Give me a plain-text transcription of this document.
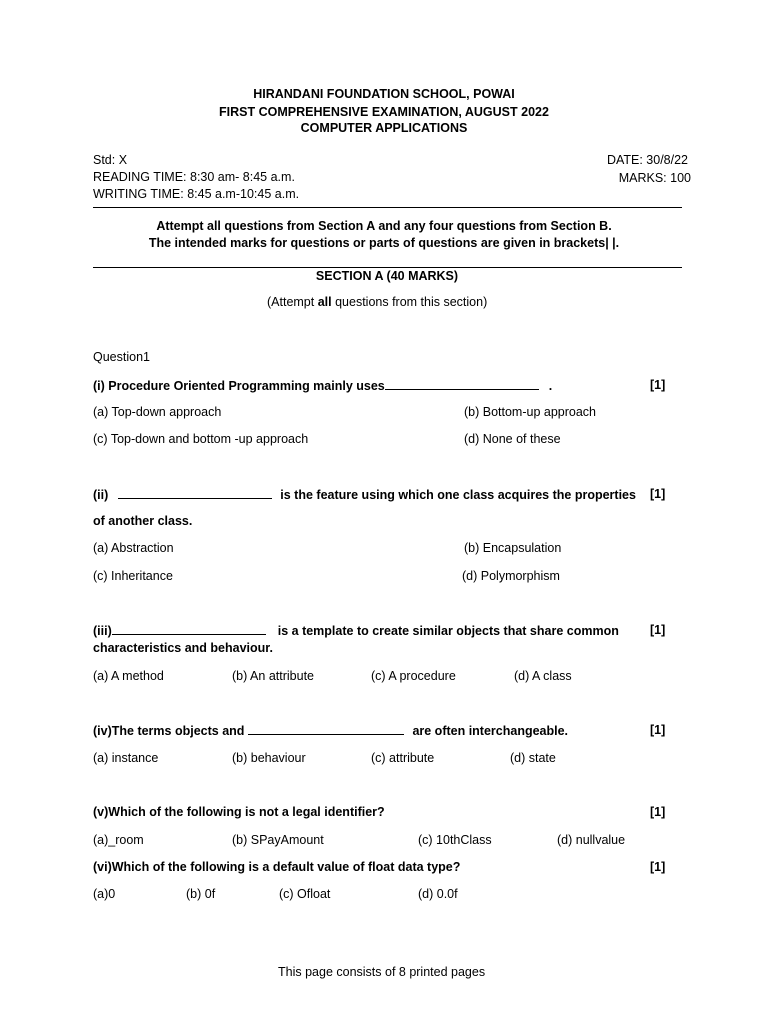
HIRANDANI FOUNDATION SCHOOL, POWAI
FIRST COMPREHENSIVE EXAMINATION, AUGUST 2022
COMPUTER APPLICATIONS
Std: X
READING TIME: 8:30 am- 8:45 a.m.
WRITING TIME: 8:45 a.m-10:45 a.m.
DATE: 30/8/22
MARKS: 100
Attempt all questions from Section A and any four questions from Section B.
The intended marks for questions or parts of questions are given in brackets| |.
SECTION A (40 MARKS)
(Attempt all questions from this section)
Question1
(i) Procedure Oriented Programming mainly uses	.	[1]
(a) Top-down approach	(b) Bottom-up approach
(c) Top-down and bottom -up approach	(d) None of these
(ii)	is the feature using which one class acquires the properties [1]
of another class.
(a) Abstraction	(b) Encapsulation
(c) Inheritance	(d) Polymorphism
(iii)	is a template to create similar objects that share common [1]
characteristics and behaviour.
(a) A method	(b) An attribute	(c) A procedure	(d) A class
(iv)The terms objects and	are often interchangeable.	[1]
(a) instance	(b) behaviour	(c) attribute	(d) state
(v)Which of the following is not a legal identifier?	[1]
(a)_room	(b) SPayAmount	(c) 10thClass	(d) nullvalue
(vi)Which of the following is a default value of float data type?	[1]
(a)0	(b) 0f	(c) Ofloat	(d) 0.0f
This page consists of 8 printed pages
